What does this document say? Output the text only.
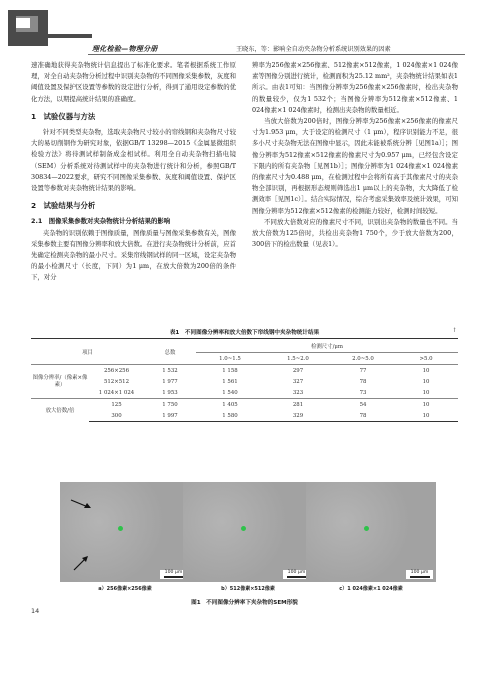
理化检验—物理分册	王晓东，等：影响全自动夹杂物分析系统识别效果的因素

速准确地获得夹杂物统计信息提出了标准化要求。笔者根据系统工作原理，对全自动夹杂物分析过程中识别夹杂物的不同图像采集参数，灰度和阈值设置及保护区设置等参数的设定进行分析，得到了通用设定参数的优化方法，以期提高统计结果的准确度。

1　试验仪器与方法

针对不同类型夹杂物，选取夹杂物尺寸较小的帘线钢和夹杂物尺寸较大的易切削钢作为研究对象，依据GB/T 13298—2015《金属显微组织检验方法》将待测试样制备成金相试样。利用全自动夹杂物扫描电镜（SEM）分析系统对待测试样中的夹杂物进行统计和分析，参照GB/T 30834—2022要求，研究不同图像采集参数、灰度和阈值设置、保护区设置等参数对夹杂物统计结果的影响。

2　试验结果与分析
2.1　图像采集参数对夹杂物统计分析结果的影响

夹杂物的识别依赖于图像质量，图像质量与图像采集参数有关，图像采集参数主要有图像分辨率和放大倍数。在进行夹杂物统计分析前，应首先确定检测夹杂物的最小尺寸。采集帘线钢试样的同一区域，设定夹杂物的最小检测尺寸（长度，下同）为1 μm，在放大倍数为200倍的条件下，对分

辨率为256像素×256像素、512像素×512像素，1 024像素×1 024像素等图像分别进行统计，检测面积为25.12 mm²，夹杂物统计结果如表1所示。由表1可知：当图像分辨率为256像素×256像素时，检出夹杂物的数量较少，仅为1 532个；当图像分辨率为512像素×512像素、1 024像素×1 024像素时，检测出夹杂物的数量相近。

当放大倍数为200倍时，图像分辨率为256像素×256像素的像素尺寸为1.953 μm，大于设定的检测尺寸（1 μm），程序识别能力不足，很多小尺寸夹杂物无法在图像中显示，因此未能被系统分辨［见图1a）］；图像分辨率为512像素×512像素的像素尺寸为0.957 μm，已经包含设定下限内的所有夹杂物［见图1b）］；图像分辨率为1 024像素×1 024像素的像素尺寸为0.488 μm，在检测过程中会将所有高于其像素尺寸的夹杂物全部识别，再根据形态规则筛选出1 μm以上的夹杂物，大大降低了检测效率［见图1c）］。结合实际情况，综合考虑采集效率及统计效果，可知图像分辨率为512像素×512像素的检测能力较好，检测时间较短。

不同放大倍数对应的像素尺寸不同，识别出夹杂物的数量也不同。当放大倍数为125倍时，共检出夹杂物1 750个，少于放大倍数为200，300倍下的检出数量（见表1）。

表1　不同图像分辨率和放大倍数下帘线钢中夹杂物统计结果	↑
项目		总数	检测尺寸/μm			
			1.0~1.5	1.5~2.0	2.0~5.0	>5.0
图像分辨率/（像素×像素）	256×256	1 532	1 158	297	77	10
	512×512	1 977	1 561	327	78	10
	1 024×1 024	1 953	1 540	323	73	10
放大倍数/倍	125	1 750	1 405	281	54	10
	300	1 997	1 580	329	78	10
100 μm	100 μm	100 μm
a）256像素×256像素	b）512像素×512像素	c）1 024像素×1 024像素
图1　不同图像分辨率下夹杂物的SEM形貌
14
